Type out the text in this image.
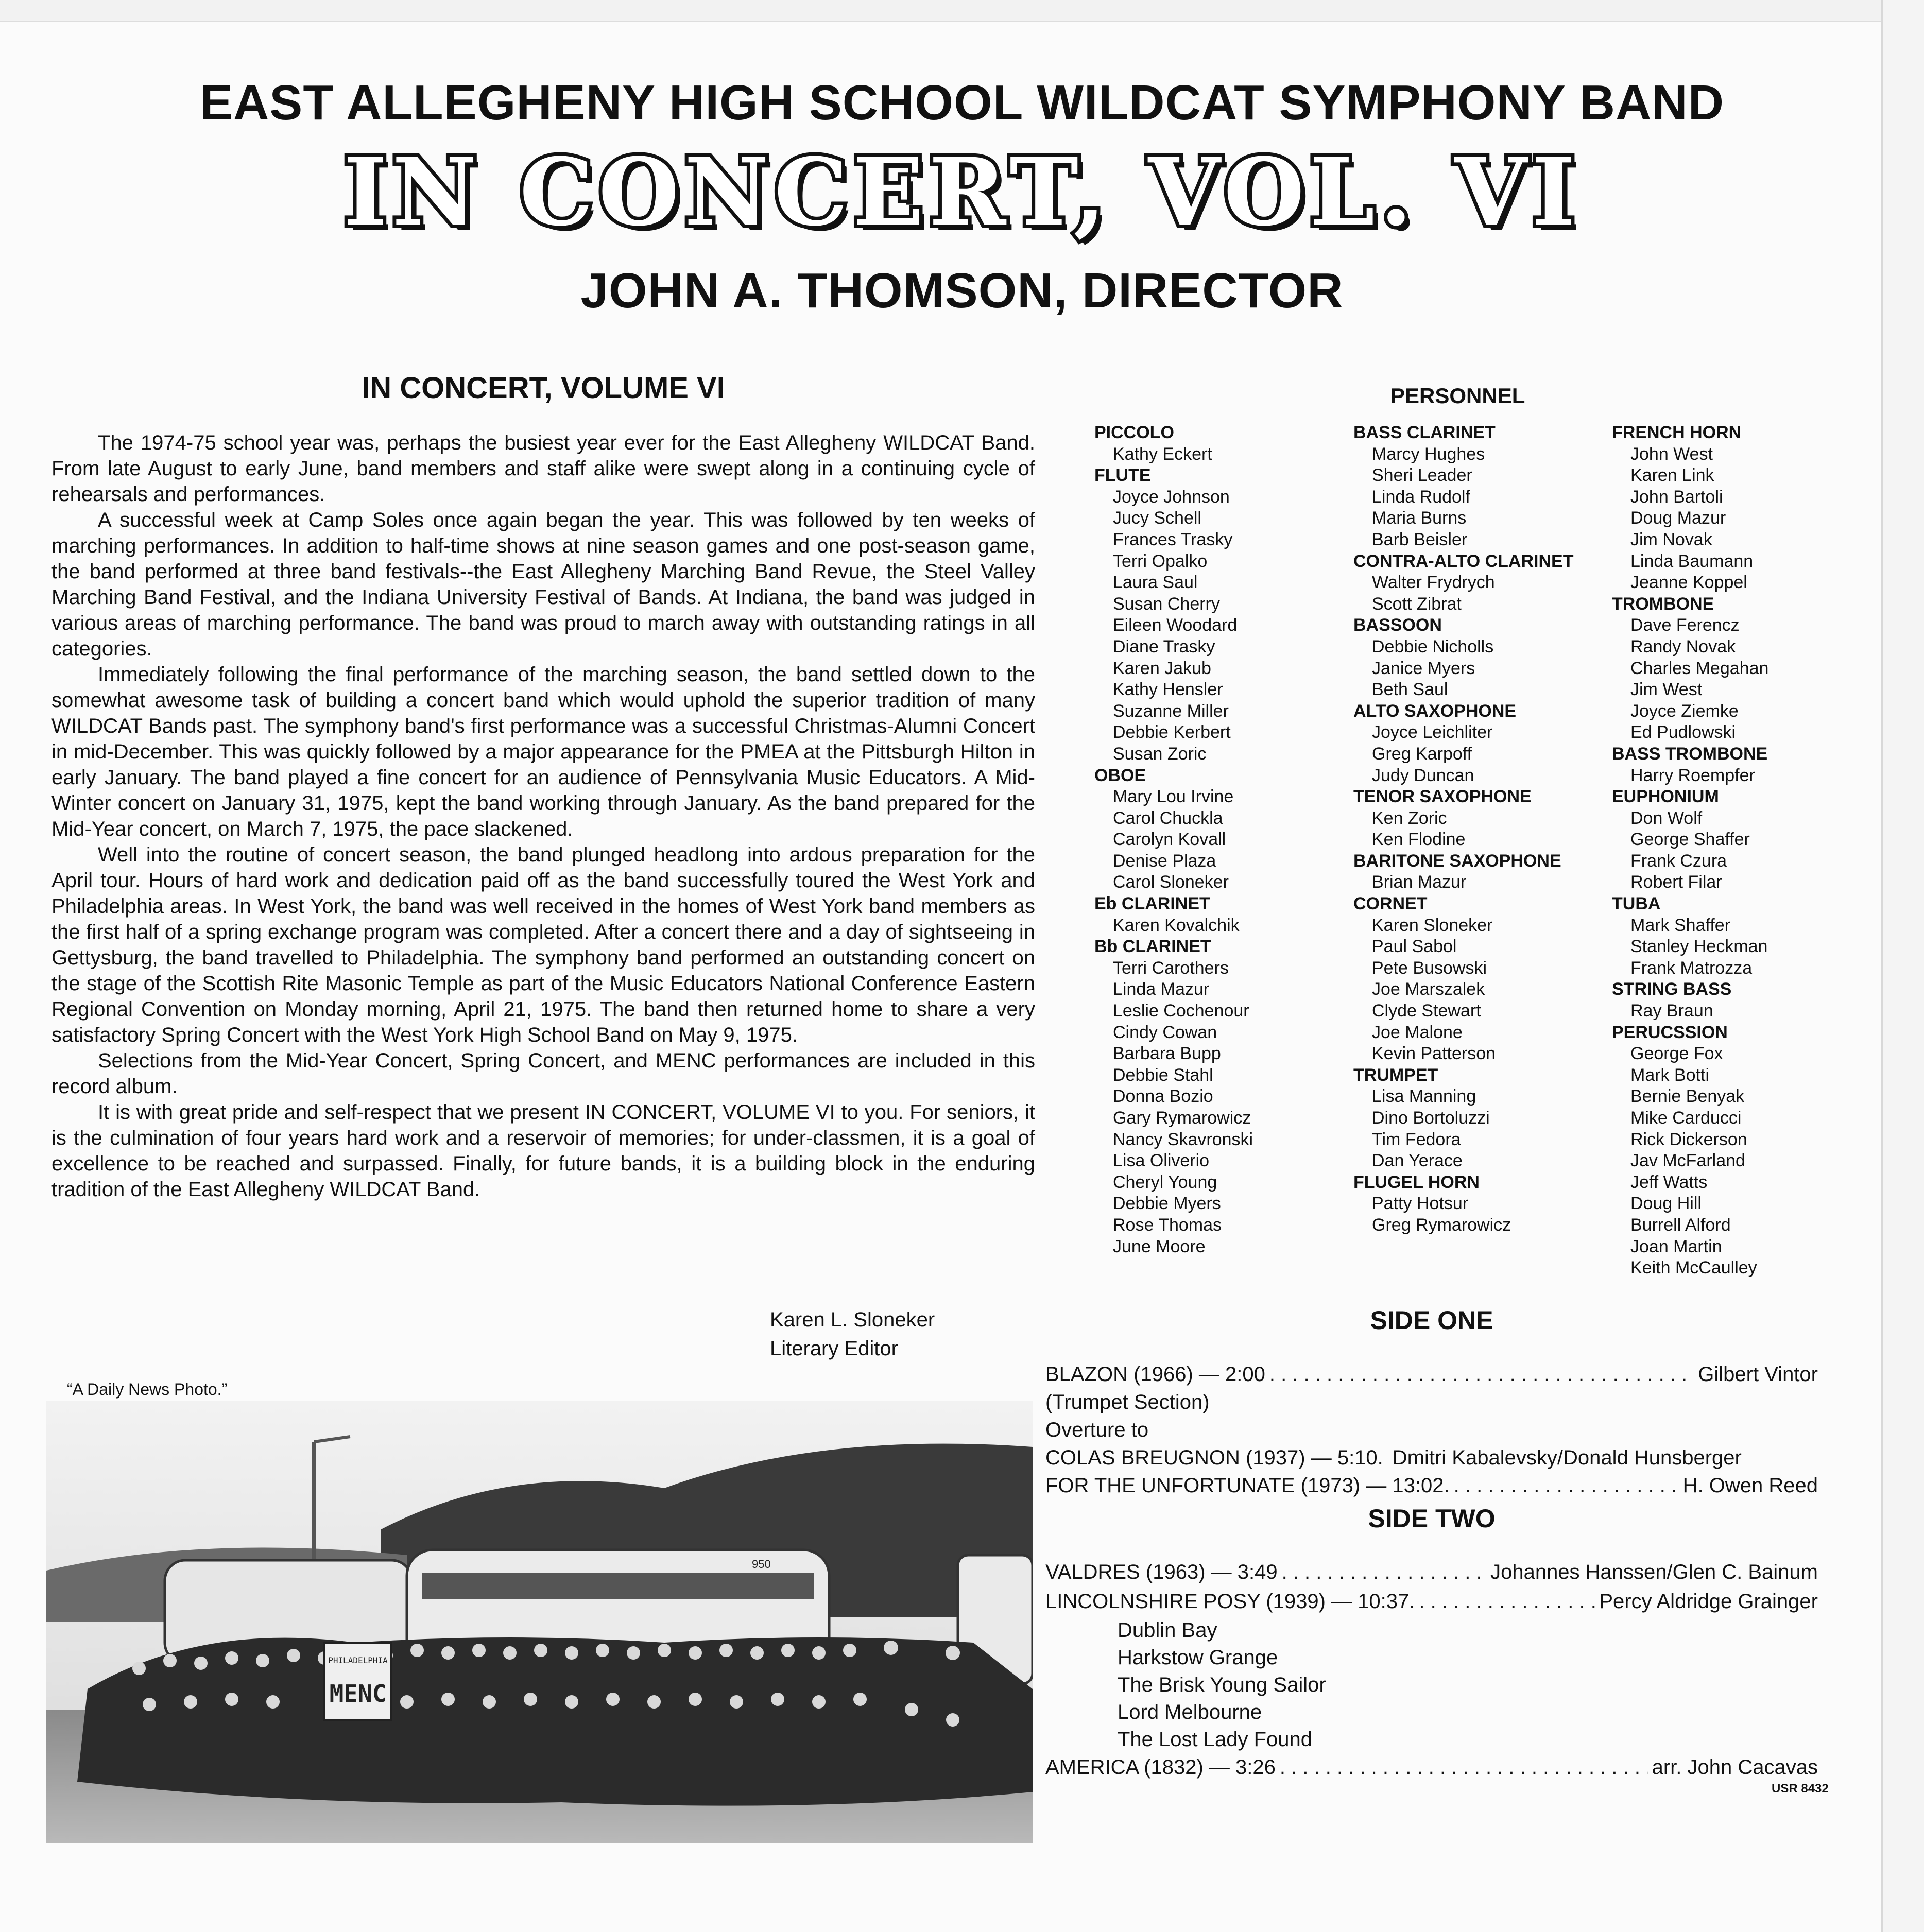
EAST ALLEGHENY HIGH SCHOOL WILDCAT SYMPHONY BAND
IN CONCERT, VOL. VI
JOHN A. THOMSON, DIRECTOR
IN CONCERT, VOLUME VI

The 1974-75 school year was, perhaps the busiest year ever for the East Allegheny WILDCAT Band. From late August to early June, band members and staff alike were swept along in a continuing cycle of rehearsals and performances.

A successful week at Camp Soles once again began the year. This was followed by ten weeks of marching performances. In addition to half-time shows at nine season games and one post-season game, the band performed at three band festivals--the East Allegheny Marching Band Revue, the Steel Valley Marching Band Festival, and the Indiana University Festival of Bands. At Indiana, the band was judged in various areas of marching performance. The band was proud to march away with outstanding ratings in all categories.

Immediately following the final performance of the marching season, the band settled down to the somewhat awesome task of building a concert band which would uphold the superior tradition of many WILDCAT Bands past. The symphony band's first performance was a successful Christmas-Alumni Concert in mid-December. This was quickly followed by a major appearance for the PMEA at the Pittsburgh Hilton in early January. The band played a fine concert for an audience of Pennsylvania Music Educators. A Mid-Winter concert on January 31, 1975, kept the band working through January. As the band prepared for the Mid-Year concert, on March 7, 1975, the pace slackened.

Well into the routine of concert season, the band plunged headlong into ardous preparation for the April tour. Hours of hard work and dedication paid off as the band successfully toured the West York and Philadelphia areas. In West York, the band was well received in the homes of West York band members as the first half of a spring exchange program was completed. After a concert there and a day of sightseeing in Gettysburg, the band travelled to Philadelphia. The symphony band performed an outstanding concert on the stage of the Scottish Rite Masonic Temple as part of the Music Educators National Conference Eastern Regional Convention on Monday morning, April 21, 1975. The band then returned home to share a very satisfactory Spring Concert with the West York High School Band on May 9, 1975.

Selections from the Mid-Year Concert, Spring Concert, and MENC performances are included in this record album.

It is with great pride and self-respect that we present IN CONCERT, VOLUME VI to you. For seniors, it is the culmination of four years hard work and a reservoir of memories; for under-classmen, it is a goal of excellence to be reached and surpassed. Finally, for future bands, it is a building block in the enduring tradition of the East Allegheny WILDCAT Band.

Karen L. Sloneker
Literary Editor
“A Daily News Photo.”
950
PHILADELPHIA
MENC
PERSONNEL
PICCOLO
Kathy Eckert
FLUTE
Joyce Johnson
Jucy Schell
Frances Trasky
Terri Opalko
Laura Saul
Susan Cherry
Eileen Woodard
Diane Trasky
Karen Jakub
Kathy Hensler
Suzanne Miller
Debbie Kerbert
Susan Zoric
OBOE
Mary Lou Irvine
Carol Chuckla
Carolyn Kovall
Denise Plaza
Carol Sloneker
Eb CLARINET
Karen Kovalchik
Bb CLARINET
Terri Carothers
Linda Mazur
Leslie Cochenour
Cindy Cowan
Barbara Bupp
Debbie Stahl
Donna Bozio
Gary Rymarowicz
Nancy Skavronski
Lisa Oliverio
Cheryl Young
Debbie Myers
Rose Thomas
June Moore
BASS CLARINET
Marcy Hughes
Sheri Leader
Linda Rudolf
Maria Burns
Barb Beisler
CONTRA-ALTO CLARINET
Walter Frydrych
Scott Zibrat
BASSOON
Debbie Nicholls
Janice Myers
Beth Saul
ALTO SAXOPHONE
Joyce Leichliter
Greg Karpoff
Judy Duncan
TENOR SAXOPHONE
Ken Zoric
Ken Flodine
BARITONE SAXOPHONE
Brian Mazur
CORNET
Karen Sloneker
Paul Sabol
Pete Busowski
Joe Marszalek
Clyde Stewart
Joe Malone
Kevin Patterson
TRUMPET
Lisa Manning
Dino Bortoluzzi
Tim Fedora
Dan Yerace
FLUGEL HORN
Patty Hotsur
Greg Rymarowicz
FRENCH HORN
John West
Karen Link
John Bartoli
Doug Mazur
Jim Novak
Linda Baumann
Jeanne Koppel
TROMBONE
Dave Ferencz
Randy Novak
Charles Megahan
Jim West
Joyce Ziemke
Ed Pudlowski
BASS TROMBONE
Harry Roempfer
EUPHONIUM
Don Wolf
George Shaffer
Frank Czura
Robert Filar
TUBA
Mark Shaffer
Stanley Heckman
Frank Matrozza
STRING BASS
Ray Braun
PERUCSSION
George Fox
Mark Botti
Bernie Benyak
Mike Carducci
Rick Dickerson
Jav McFarland
Jeff Watts
Doug Hill
Burrell Alford
Joan Martin
Keith McCaulley
SIDE ONE
BLAZON (1966) — 2:00 . . .	Gilbert Vintor
(Trumpet Section)
Overture to
COLAS BREUGNON (1937) — 5:10. Dmitri Kabalevsky/Donald Hunsberger
FOR THE UNFORTUNATE (1973) — 13:02. . . .	H. Owen Reed
SIDE TWO
VALDRES (1963) — 3:49 . . .	Johannes Hanssen/Glen C. Bainum
LINCOLNSHIRE POSY (1939) — 10:37. . . .	Percy Aldridge Grainger
Dublin Bay
Harkstow Grange
The Brisk Young Sailor
Lord Melbourne
The Lost Lady Found
AMERICA (1832) — 3:26 . . .	arr. John Cacavas
USR 8432
